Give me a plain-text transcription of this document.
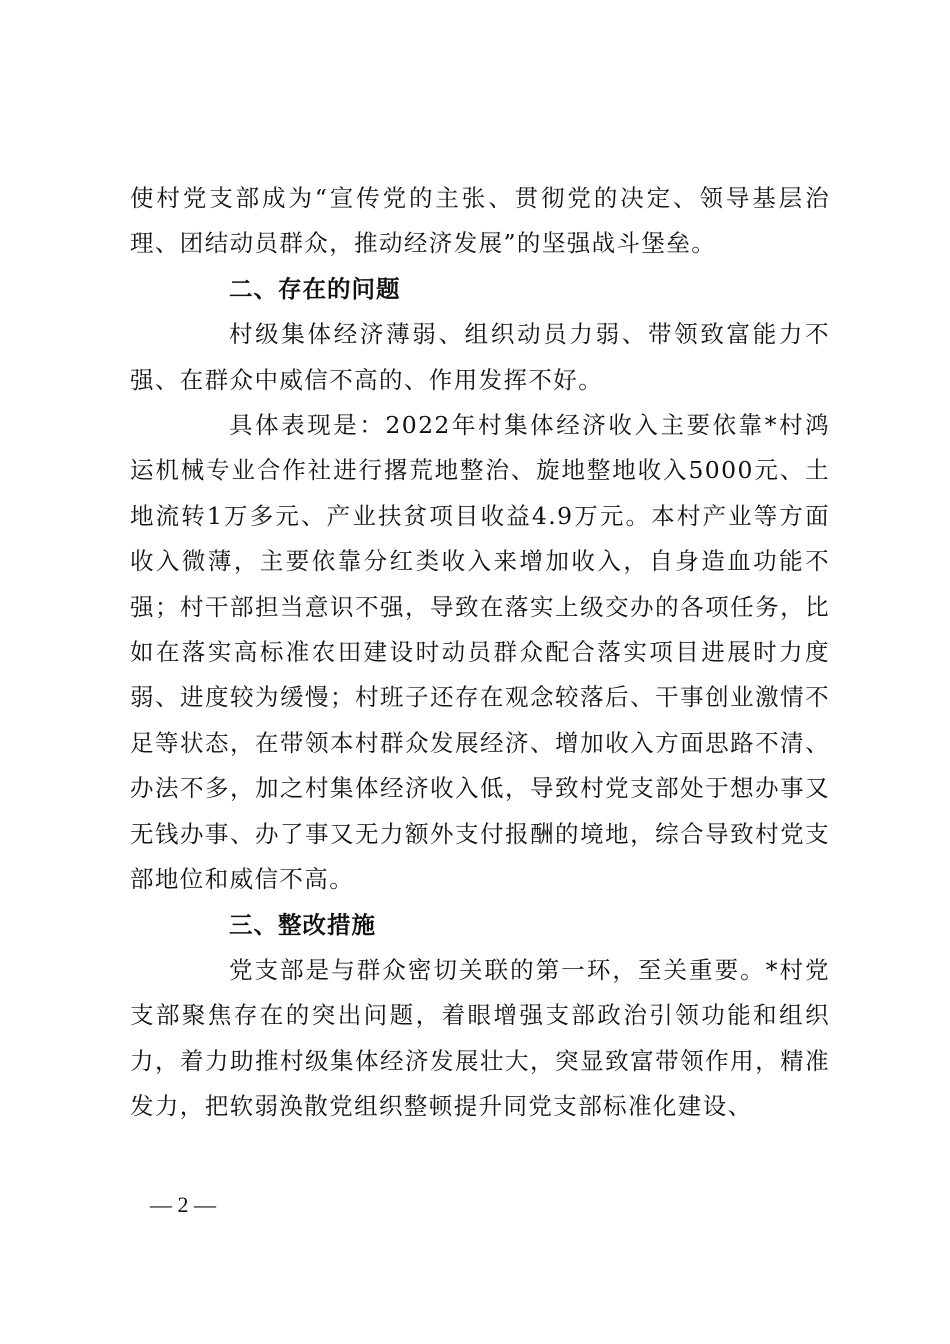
使村党支部成为“宣传党的主张、贯彻党的决定、领导基层治理、团结动员群众，推动经济发展”的坚强战斗堡垒。

二、存在的问题

村级集体经济薄弱、组织动员力弱、带领致富能力不强、在群众中威信不高的、作用发挥不好。

具体表现是：2022年村集体经济收入主要依靠*村鸿运机械专业合作社进行撂荒地整治、旋地整地收入5000元、土地流转1万多元、产业扶贫项目收益4.9万元。本村产业等方面收入微薄，主要依靠分红类收入来增加收入，自身造血功能不强；村干部担当意识不强，导致在落实上级交办的各项任务，比如在落实高标准农田建设时动员群众配合落实项目进展时力度弱、进度较为缓慢；村班子还存在观念较落后、干事创业激情不足等状态，在带领本村群众发展经济、增加收入方面思路不清、办法不多，加之村集体经济收入低，导致村党支部处于想办事又无钱办事、办了事又无力额外支付报酬的境地，综合导致村党支部地位和威信不高。

三、整改措施

党支部是与群众密切关联的第一环，至关重要。*村党支部聚焦存在的突出问题，着眼增强支部政治引领功能和组织力，着力助推村级集体经济发展壮大，突显致富带领作用，精准发力，把软弱涣散党组织整顿提升同党支部标准化建设、

— 2 —
